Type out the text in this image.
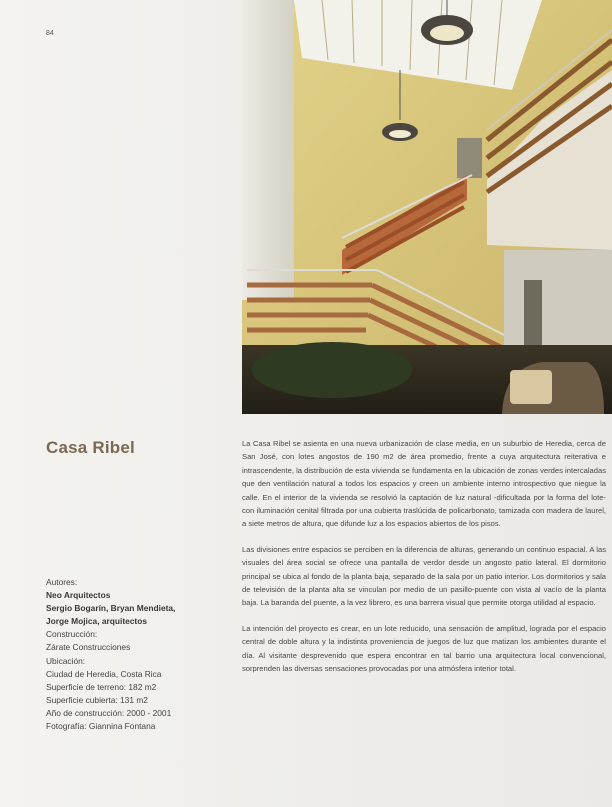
84
Casa Ribel
Autores:
Neo Arquitectos
Sergio Bogarín, Bryan Mendieta,
Jorge Mojica, arquitectos
Construcción:
Zárate Construcciones
Ubicación:
Ciudad de Heredia, Costa Rica
Superficie de terreno: 182 m2
Superficie cubierta: 131 m2
Año de construcción: 2000 - 2001
Fotografía: Giannina Fontana

La Casa Ribel se asienta en una nueva urbanización de clase media, en un suburbio de Heredia, cerca de San José, con lotes angostos de 190 m2 de área promedio, frente a cuya arquitectura reiterativa e intrascendente, la distribución de esta vivienda se fundamenta en la ubicación de zonas verdes intercaladas que den ventilación natural a todos los espacios y creen un ambiente interno introspectivo que niegue la calle. En el interior de la vivienda se resolvió la captación de luz natural -dificultada por la forma del lote- con iluminación cenital filtrada por una cubierta traslúcida de policarbonato, tamizada con madera de laurel, a siete metros de altura, que difunde luz a los espacios abiertos de los pisos.

Las divisiones entre espacios se perciben en la diferencia de alturas, generando un continuo espacial. A las visuales del área social se ofrece una pantalla de verdor desde un angosto patio lateral. El dormitorio principal se ubica al fondo de la planta baja, separado de la sala por un patio interior. Los dormitorios y sala de televisión de la planta alta se vinculan por medio de un pasillo-puente con vista al vacío de la planta baja. La baranda del puente, a la vez librero, es una barrera visual que permite otorga utilidad al espacio.

La intención del proyecto es crear, en un lote reducido, una sensación de amplitud, lograda por el espacio central de doble altura y la indistinta proveniencia de juegos de luz que matizan los ambientes durante el día. Al visitante desprevenido que espera encontrar en tal barrio una arquitectura local convencional, sorprenden las diversas sensaciones provocadas por una atmósfera interior total.
